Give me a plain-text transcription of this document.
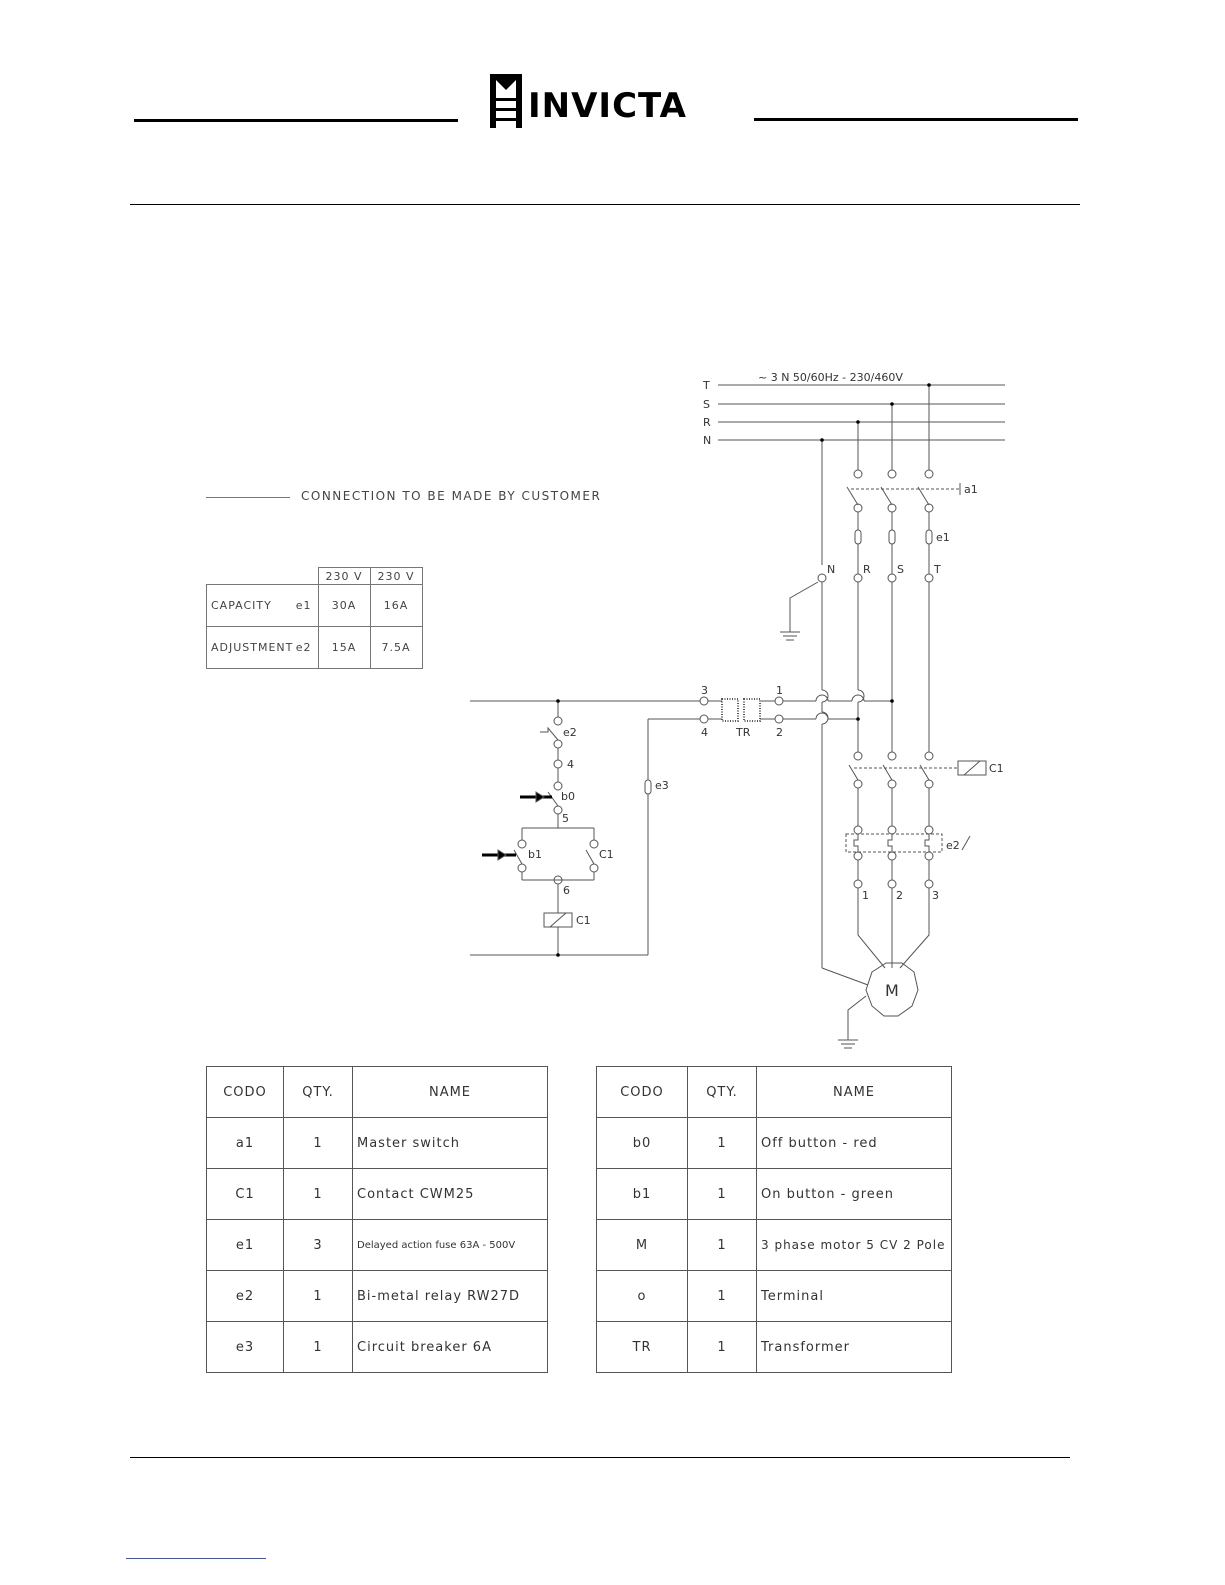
INVICTA
CONNECTION TO BE MADE BY CUSTOMER
	230 V	230 V
CAPACITY e1	30A	16A
ADJUSTMENT e2	15A	7.5A
~ 3 N 50/60Hz - 230/460V
T
S
R
N
a1
e1
N	R S	T
3
4
1
2
TR
C1
e2
1 2	3
M
e2
4
b0
5
e3
b1	C1
6
C1
CODO	QTY.	NAME
a1	1	Master switch
C1	1	Contact CWM25
e1	3	Delayed action fuse 63A - 500V
e2	1	Bi-metal relay RW27D
e3	1	Circuit breaker 6A
CODO	QTY.	NAME
b0	1	Off button - red
b1	1	On button - green
M	1	3 phase motor 5 CV 2 Pole
o	1	Terminal
TR	1	Transformer
